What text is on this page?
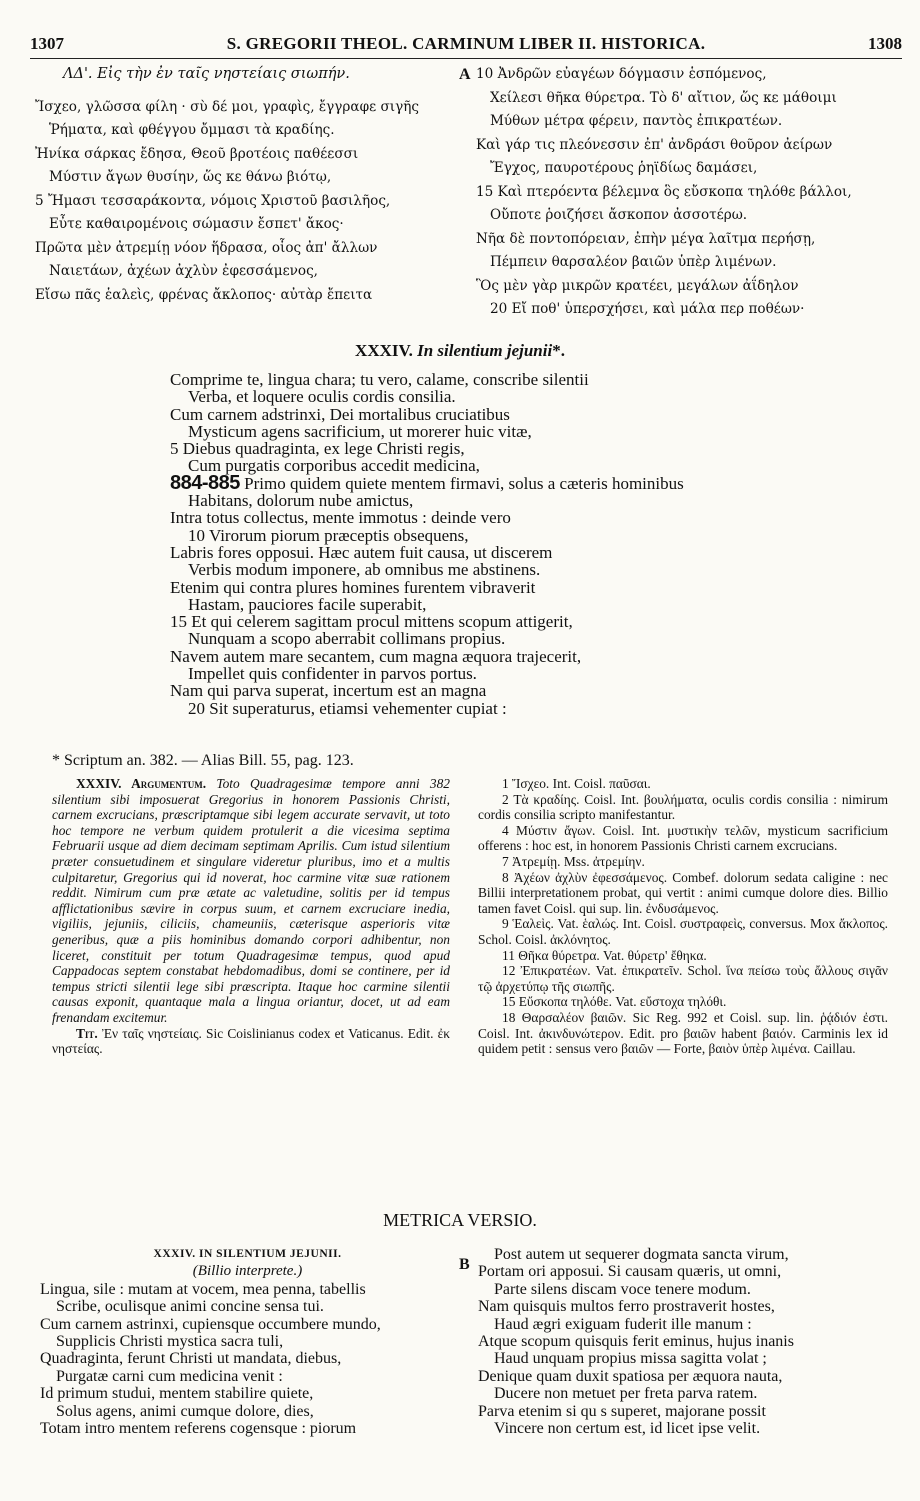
1307	S. GREGORII THEOL. CARMINUM LIBER II. HISTORICA.	1308
ΛΔ'. Εἰς τὴν ἐν ταῖς νηστείαις σιωπήν.
Ἴσχεο, γλῶσσα φίλη · σὺ δέ μοι, γραφὶς, ἔγγραφε σιγῆς
Ῥήματα, καὶ φθέγγου ὄμμασι τὰ κραδίης.
Ἠνίκα σάρκας ἔδησα, Θεοῦ βροτέοις παθέεσσι
Μύστιν ἄγων θυσίην, ὥς κε θάνω βιότῳ,
5 Ἤμασι τεσσαράκοντα, νόμοις Χριστοῦ βασιλῆος,
Εὖτε καθαιρομένοις σώμασιν ἔσπετ' ἄκος·
Πρῶτα μὲν ἀτρεμίῃ νόον ἥδρασα, οἷος ἀπ' ἄλλων
Ναιετάων, ἀχέων ἀχλὺν ἐφεσσάμενος,
Εἴσω πᾶς ἑαλεὶς, φρένας ἄκλοπος· αὐτὰρ ἔπειτα
A 10 Ἀνδρῶν εὐαγέων δόγμασιν ἑσπόμενος,
Χείλεσι θῆκα θύρετρα. Τὸ δ' αἴτιον, ὥς κε μάθοιμι
Μύθων μέτρα φέρειν, παντὸς ἐπικρατέων.
Καὶ γάρ τις πλεόνεσσιν ἐπ' ἀνδράσι θοῦρον ἀείρων
Ἔγχος, παυροτέρους ῥηϊδίως δαμάσει,
15 Καὶ πτερόεντα βέλεμνα ὃς εὔσκοπα τηλόθε βάλλοι,
Οὔποτε ῥοιζήσει ἄσκοπον ἀσσοτέρω.
Νῆα δὲ ποντοπόρειαν, ἐπὴν μέγα λαῖτμα περήσῃ,
Πέμπειν θαρσαλέον βαιῶν ὑπὲρ λιμένων.
Ὃς μὲν γὰρ μικρῶν κρατέει, μεγάλων ἀΐδηλον
20 Εἴ ποθ' ὑπερσχήσει, καὶ μάλα περ ποθέων·
XXXIV. In silentium jejunii*.
Comprime te, lingua chara; tu vero, calame, conscribe silentii
Verba, et loquere oculis cordis consilia.
Cum carnem adstrinxi, Dei mortalibus cruciatibus
Mysticum agens sacrificium, ut morerer huic vitæ,
5 Diebus quadraginta, ex lege Christi regis,
Cum purgatis corporibus accedit medicina,
884-885 Primo quidem quiete mentem firmavi, solus a cæteris hominibus
Habitans, dolorum nube amictus,
Intra totus collectus, mente immotus : deinde vero
10 Virorum piorum præceptis obsequens,
Labris fores opposui. Hæc autem fuit causa, ut discerem
Verbis modum imponere, ab omnibus me abstinens.
Etenim qui contra plures homines furentem vibraverit
Hastam, pauciores facile superabit,
15 Et qui celerem sagittam procul mittens scopum attigerit,
Nunquam a scopo aberrabit collimans propius.
Navem autem mare secantem, cum magna æquora trajecerit,
Impellet quis confidenter in parvos portus.
Nam qui parva superat, incertum est an magna
20 Sit superaturus, etiamsi vehementer cupiat :
* Scriptum an. 382. — Alias Bill. 55, pag. 123.

XXXIV. Argumentum. Toto Quadragesimæ tempore anni 382 silentium sibi imposuerat Gregorius in honorem Passionis Christi, carnem excrucians, præscriptamque sibi legem accurate servavit, ut toto hoc tempore ne verbum quidem protulerit a die vicesima septima Februarii usque ad diem decimam septimam Aprilis. Cum istud silentium præter consuetudinem et singulare videretur pluribus, imo et a multis culpitaretur, Gregorius qui id noverat, hoc carmine vitæ suæ rationem reddit. Nimirum cum præ ætate ac valetudine, solitis per id tempus afflictationibus sævire in corpus suum, et carnem excruciare inedia, vigiliis, jejuniis, ciliciis, chameuniis, cæterisque asperioris vitæ generibus, quæ a piis hominibus domando corpori adhibentur, non liceret, constituit per totum Quadragesimæ tempus, quod apud Cappadocas septem constabat hebdomadibus, domi se continere, per id tempus stricti silentii lege sibi præscripta. Itaque hoc carmine silentii causas exponit, quantaque mala a lingua oriantur, docet, ut ad eam frenandam excitemur.

Tit. Ἐν ταῖς νηστείαις. Sic Coislinianus codex et Vaticanus. Edit. ἐκ νηστείας.

1 Ἴσχεο. Int. Coisl. παῦσαι.

2 Τὰ κραδίης. Coisl. Int. βουλήματα, oculis cordis consilia : nimirum cordis consilia scripto manifestantur.

4 Μύστιν ἄγων. Coisl. Int. μυστικὴν τελῶν, mysticum sacrificium offerens : hoc est, in honorem Passionis Christi carnem excrucians.

7 Ἀτρεμίῃ. Mss. ἀτρεμίην.

8 Ἀχέων ἀχλὺν ἐφεσσάμενος. Combef. dolorum sedata caligine : nec Billii interpretationem probat, qui vertit : animi cumque dolore dies. Billio tamen favet Coisl. qui sup. lin. ἐνδυσάμενος.

9 Ἑαλεὶς. Vat. ἑαλώς. Int. Coisl. συστραφεὶς, conversus. Mox ἄκλοπος. Schol. Coisl. ἀκλόνητος.

11 Θῆκα θύρετρα. Vat. θύρετρ' ἔθηκα.

12 Ἐπικρατέων. Vat. ἐπικρατεῖν. Schol. ἵνα πείσω τοὺς ἄλλους σιγᾶν τῷ ἀρχετύπῳ τῆς σιωπῆς.

15 Εὔσκοπα τηλόθε. Vat. εὔστοχα τηλόθι.

18 Θαρσαλέον βαιῶν. Sic Reg. 992 et Coisl. sup. lin. ῥᾴδιόν ἐστι. Coisl. Int. ἀκινδυνώτερον. Edit. pro βαιῶν habent βαιόν. Carminis lex id quidem petit : sensus vero βαιῶν — Forte, βαιὸν ὑπὲρ λιμένα. Caillau.

METRICA VERSIO.
XXXIV. IN SILENTIUM JEJUNII.
(Billio interprete.)
Lingua, sile : mutam at vocem, mea penna, tabellis
Scribe, oculisque animi concine sensa tui.
Cum carnem astrinxi, cupiensque occumbere mundo,
Supplicis Christi mystica sacra tuli,
Quadraginta, ferunt Christi ut mandata, diebus,
Purgatæ carni cum medicina venit :
Id primum studui, mentem stabilire quiete,
Solus agens, animi cumque dolore, dies,
Totam intro mentem referens cogensque : piorum
B
Post autem ut sequerer dogmata sancta virum,
Portam ori apposui. Si causam quæris, ut omni,
Parte silens discam voce tenere modum.
Nam quisquis multos ferro prostraverit hostes,
Haud ægri exiguam fuderit ille manum :
Atque scopum quisquis ferit eminus, hujus inanis
Haud unquam propius missa sagitta volat ;
Denique quam duxit spatiosa per æquora nauta,
Ducere non metuet per freta parva ratem.
Parva etenim si qu s superet, majorane possit
Vincere non certum est, id licet ipse velit.
